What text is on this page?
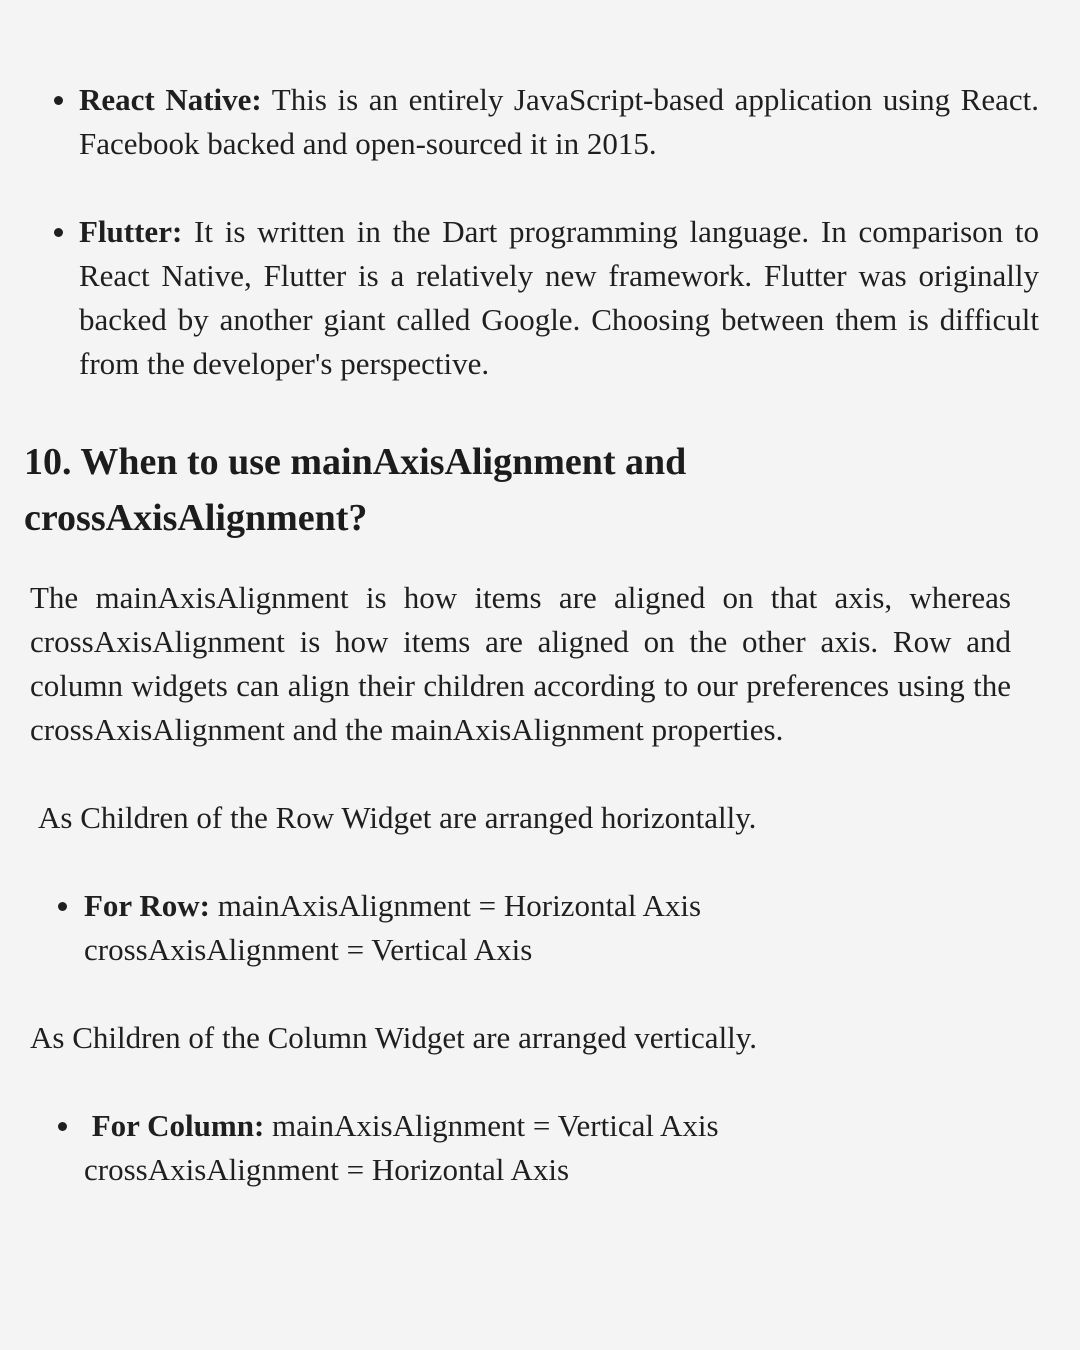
React Native: This is an entirely JavaScript-based application using React. Facebook backed and open-sourced it in 2015.
Flutter: It is written in the Dart programming language. In comparison to React Native, Flutter is a relatively new framework. Flutter was originally backed by another giant called Google. Choosing between them is difficult from the developer's perspective.
10. When to use mainAxisAlignment and
crossAxisAlignment?
The mainAxisAlignment is how items are aligned on that axis, whereas crossAxisAlignment is how items are aligned on the other axis. Row and column widgets can align their children according to our preferences using the crossAxisAlignment and the mainAxisAlignment properties.
As Children of the Row Widget are arranged horizontally.
For Row: mainAxisAlignment = Horizontal Axis
crossAxisAlignment = Vertical Axis
As Children of the Column Widget are arranged vertically.
For Column: mainAxisAlignment = Vertical Axis
crossAxisAlignment = Horizontal Axis
